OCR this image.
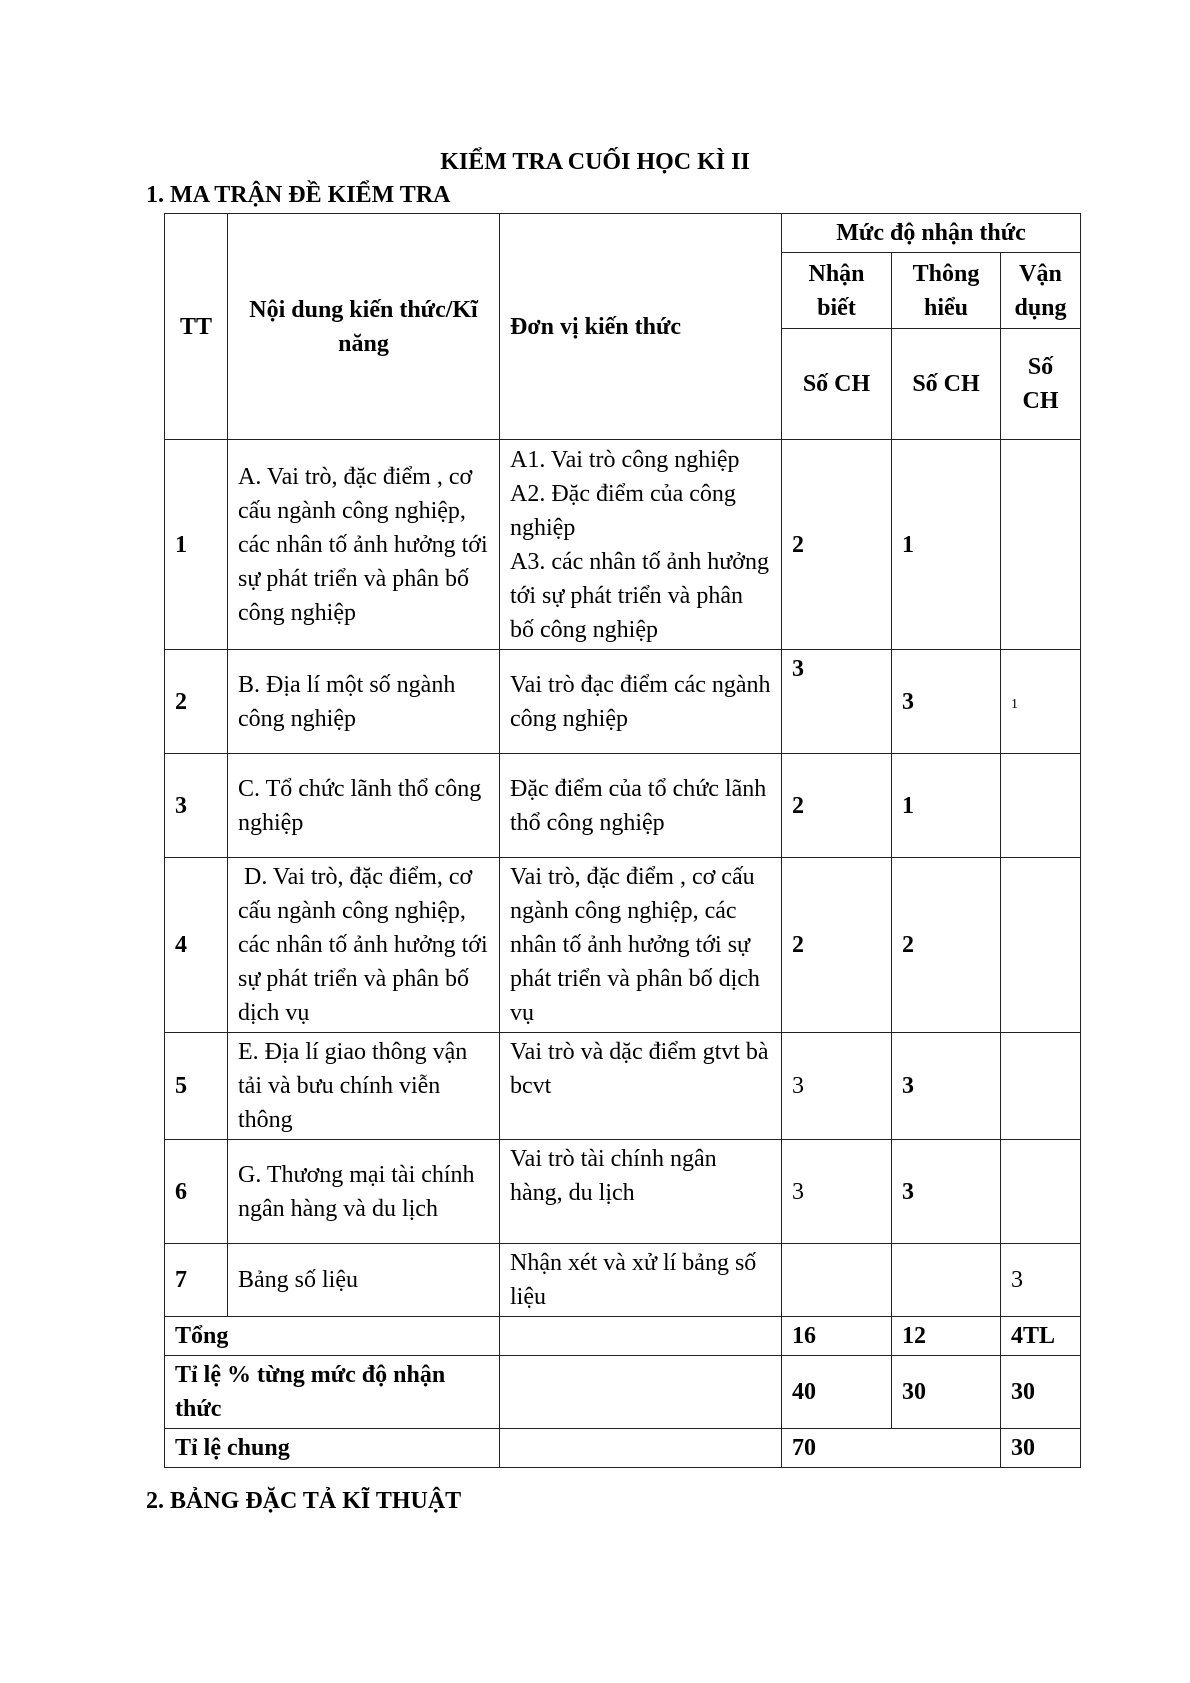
KIỂM TRA CUỐI HỌC KÌ II
1. MA TRẬN ĐỀ KIỂM TRA
TT	Nội dung kiến thức/Kĩ năng	Đơn vị kiến thức	Mức độ nhận thức		
			Nhận biết	Thông hiểu	Vận dụng
			Số CH	Số CH	Số CH
1	A. Vai trò, đặc điểm , cơ cấu ngành công nghiệp, các nhân tố ảnh hưởng tới sự phát triển và phân bố công nghiệp	A1. Vai trò công nghiệp
A2. Đặc điểm của công nghiệp
A3. các nhân tố ảnh hưởng tới sự phát triển và phân bố công nghiệp	2	1	
2	B. Địa lí một số ngành công nghiệp	Vai trò đạc điểm các ngành công nghiệp	3	3	1
3	C. Tổ chức lãnh thổ công nghiệp	Đặc điểm của tổ chức lãnh thổ công nghiệp	2	1	
4	D. Vai trò, đặc điểm, cơ cấu ngành công nghiệp, các nhân tố ảnh hưởng tới sự phát triển và phân bố dịch vụ	Vai trò, đặc điểm , cơ cấu ngành công nghiệp, các nhân tố ảnh hưởng tới sự phát triển và phân bố dịch vụ	2	2	
5	E. Địa lí giao thông vận tải và bưu chính viễn thông	Vai trò và dặc điểm gtvt bà bcvt	3	3	
6	G. Thương mại tài chính ngân hàng và du lịch	Vai trò tài chính ngân hàng, du lịch	3	3	
7	Bảng số liệu	Nhận xét và xử lí bảng số liệu			3
Tổng			16	12	4TL
Tỉ lệ % từng mức độ nhận thức			40	30	30
Tỉ lệ chung			70		30
2. BẢNG ĐẶC TẢ KĨ THUẬT
